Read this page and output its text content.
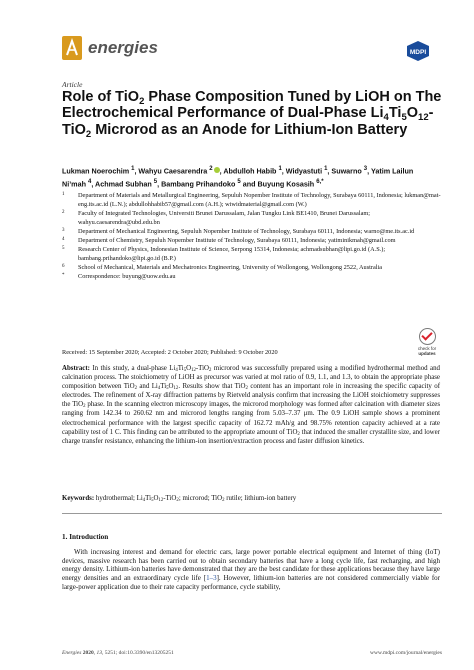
energies	MDPI
Article
Role of TiO$_2$ Phase Composition Tuned by LiOH on The Electrochemical Performance of Dual-Phase $Li_4Ti_5O_{12}-TiO_2$ Microrod as an Anode for Lithium-Ion Battery
Lukman Noerochim $^1$, Wahyu Caesarendra $^2$ , Abdulloh Habib $^1$, Widyastuti $^1$, Suwarno $^3$, Yatim Lailun Ni’mah $^4$, Achmad Subhan $^5$, Bambang Prihandoko $^5$ and Buyung Kosasih $^{6,*}$
1 Department of Materials and Metallurgical Engineering, Sepuluh Nopember Institute of Technology, Surabaya 60111, Indonesia; lukman@mat-eng.its.ac.id (L.N.); abdullohhabib57@gmail.com (A.H.); wiwidmaterial@gmail.com (W.)
2 Faculty of Integrated Technologies, Universiti Brunei Darussalam, Jalan Tungku Link BE1410, Brunei Darussalam; wahyu.caesarendra@ubd.edu.bn
3 Department of Mechanical Engineering, Sepuluh Nopember Institute of Technology, Surabaya 60111, Indonesia; warno@me.its.ac.id
4 Department of Chemistry, Sepuluh Nopember Institute of Technology, Surabaya 60111, Indonesia; yatiminikmah@gmail.com
5 Research Center of Physics, Indonesian Institute of Science, Serpong 15314, Indonesia; achmadsubhan@lipi.go.id (A.S.); bambang.prihandoko@lipi.go.id (B.P.)
6 School of Mechanical, Materials and Mechatronics Engineering, University of Wollongong, Wollongong 2522, Australia
* Correspondence: buyung@uow.edu.au
Received: 15 September 2020; Accepted: 2 October 2020; Published: 9 October 2020
check for
updates
Abstract: In this study, a dual-phase $Li_4Ti_5O_{12}-TiO_2$ microrod was successfully prepared using a modified hydrothermal method and calcination process. The stoichiometry of LiOH as precursor was varied at mol ratio of 0.9, 1.1, and 1.3, to obtain the appropriate phase composition between TiO$_2$ and $Li_4Ti_5O_{12}$. Results show that TiO$_2$ content has an important role in increasing the specific capacity of electrodes. The refinement of X-ray diffraction patterns by Rietveld analysis confirm that increasing the LiOH stoichiometry suppresses the TiO$_2$ phase. In the scanning electron microscopy images, the microrod morphology was formed after calcination with diameter sizes ranging from 142.34 to 260.62 nm and microrod lengths ranging from 5.03–7.37 μm. The 0.9 LiOH sample shows a prominent electrochemical performance with the largest specific capacity of 162.72 mAh/g and 98.75% retention capacity achieved at a rate capability test of 1 C. This finding can be attributed to the appropriate amount of TiO$_2$ that induced the smaller crystallite size, and lower charge transfer resistance, enhancing the lithium-ion insertion/extraction process and faster diffusion kinetics.
Keywords: hydrothermal; $Li_4Ti_5O_{12}-TiO_2$; microrod; TiO$_2$ rutile; lithium-ion battery
1. Introduction
With increasing interest and demand for electric cars, large power portable electrical equipment and Internet of thing (IoT) devices, massive research has been carried out to obtain secondary batteries that have a long cycle life, fast recharging, and high energy density. Lithium-ion batteries have demonstrated that they are the best candidate for these applications because they have large energy densities and an extraordinary cycle life [1–3]. However, lithium-ion batteries are not considered commercially viable for large-power application due to their rate capacity performance, cycle stability,
Energies 2020, 13, 5251; doi:10.3390/en13205251	www.mdpi.com/journal/energies
